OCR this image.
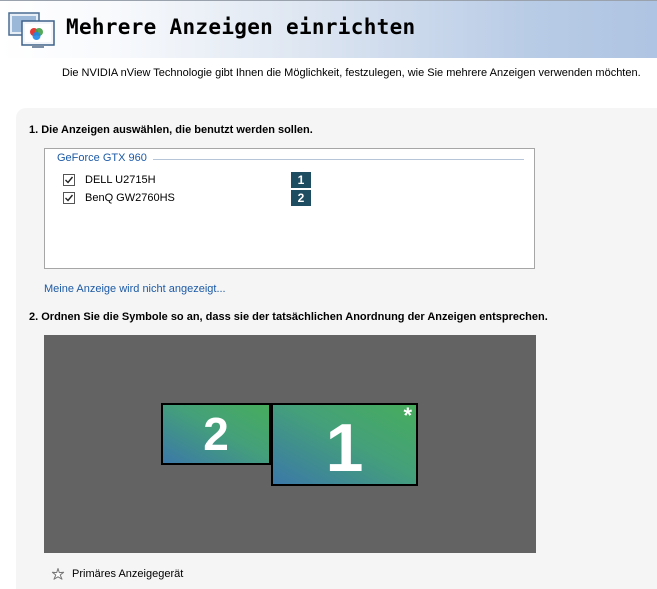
Mehrere Anzeigen einrichten
Die NVIDIA nView Technologie gibt Ihnen die Möglichkeit, festzulegen, wie Sie mehrere Anzeigen verwenden möchten.
1. Die Anzeigen auswählen, die benutzt werden sollen.
GeForce GTX 960
DELL U2715H	1
BenQ GW2760HS	2
Meine Anzeige wird nicht angezeigt...
2. Ordnen Sie die Symbole so an, dass sie der tatsächlichen Anordnung der Anzeigen entsprechen.
2	1	*
Primäres Anzeigegerät
